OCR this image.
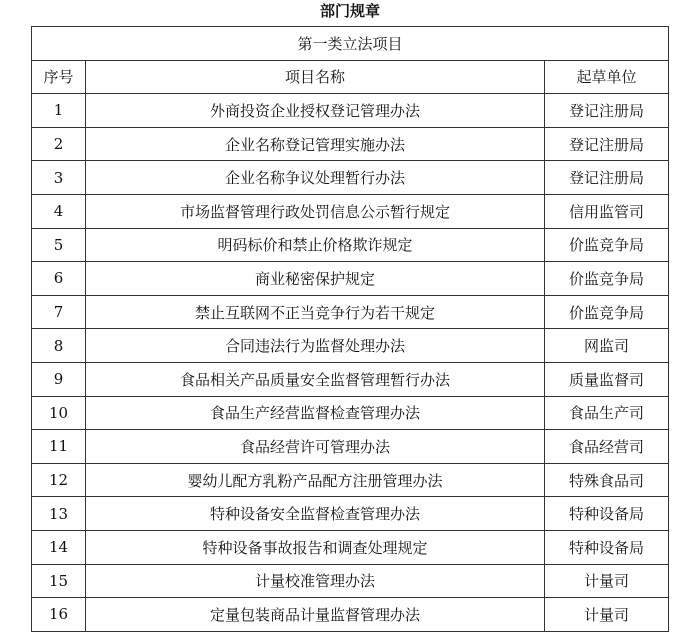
部门规章
第一类立法项目		
序号	项目名称	起草单位
1	外商投资企业授权登记管理办法	登记注册局
2	企业名称登记管理实施办法	登记注册局
3	企业名称争议处理暂行办法	登记注册局
4	市场监督管理行政处罚信息公示暂行规定	信用监管司
5	明码标价和禁止价格欺诈规定	价监竞争局
6	商业秘密保护规定	价监竞争局
7	禁止互联网不正当竞争行为若干规定	价监竞争局
8	合同违法行为监督处理办法	网监司
9	食品相关产品质量安全监督管理暂行办法	质量监督司
10	食品生产经营监督检查管理办法	食品生产司
11	食品经营许可管理办法	食品经营司
12	婴幼儿配方乳粉产品配方注册管理办法	特殊食品司
13	特种设备安全监督检查管理办法	特种设备局
14	特种设备事故报告和调查处理规定	特种设备局
15	计量校准管理办法	计量司
16	定量包装商品计量监督管理办法	计量司
